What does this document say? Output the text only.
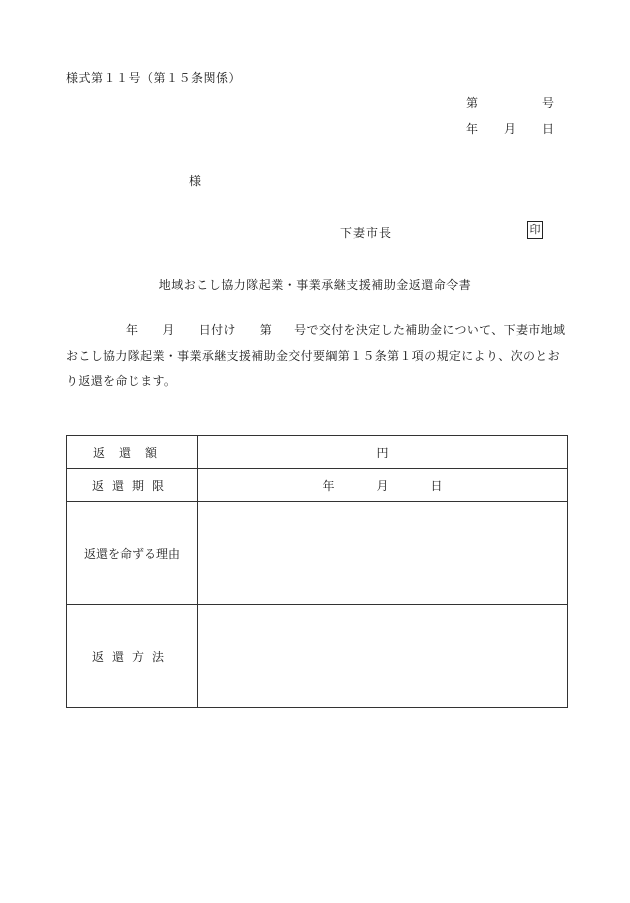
様式第１１号（第１５条関係）
第	号
年 月 日
様
下妻市長	印
地域おこし協力隊起業・事業承継支援補助金返還命令書
年 月 日付け 第 号で交付を決定した補助金について、下妻市地域おこし協力隊起業・事業承継支援補助金交付要綱第１５条第１項の規定により、次のとおり返還を命じます。
返還額	円
返還期限	年 月 日
返還を命ずる理由	
返還方法	
